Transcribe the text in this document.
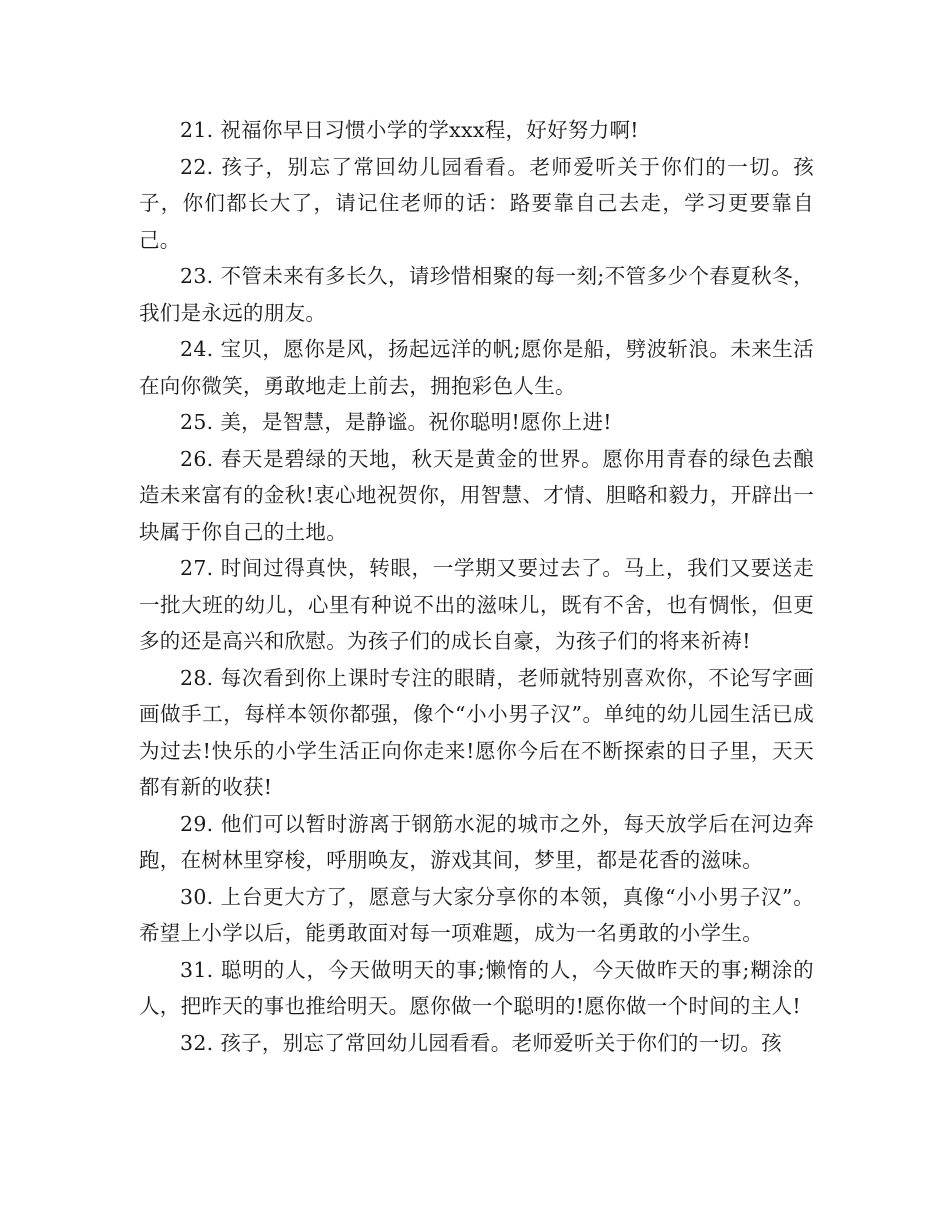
21. 祝福你早日习惯小学的学xxx程，好好努力啊!

22. 孩子，别忘了常回幼儿园看看。老师爱听关于你们的一切。孩子，你们都长大了，请记住老师的话：路要靠自己去走，学习更要靠自己。

23. 不管未来有多长久，请珍惜相聚的每一刻;不管多少个春夏秋冬，我们是永远的朋友。

24. 宝贝，愿你是风，扬起远洋的帆;愿你是船，劈波斩浪。未来生活在向你微笑，勇敢地走上前去，拥抱彩色人生。

25. 美，是智慧，是静谧。祝你聪明!愿你上进!

26. 春天是碧绿的天地，秋天是黄金的世界。愿你用青春的绿色去酿造未来富有的金秋!衷心地祝贺你，用智慧、才情、胆略和毅力，开辟出一块属于你自己的土地。

27. 时间过得真快，转眼，一学期又要过去了。马上，我们又要送走一批大班的幼儿，心里有种说不出的滋味儿，既有不舍，也有惆怅，但更多的还是高兴和欣慰。为孩子们的成长自豪，为孩子们的将来祈祷!

28. 每次看到你上课时专注的眼睛，老师就特别喜欢你，不论写字画画做手工，每样本领你都强，像个“小小男子汉”。单纯的幼儿园生活已成为过去!快乐的小学生活正向你走来!愿你今后在不断探索的日子里，天天都有新的收获!

29. 他们可以暂时游离于钢筋水泥的城市之外，每天放学后在河边奔跑，在树林里穿梭，呼朋唤友，游戏其间，梦里，都是花香的滋味。

30. 上台更大方了，愿意与大家分享你的本领，真像“小小男子汉”。希望上小学以后，能勇敢面对每一项难题，成为一名勇敢的小学生。

31. 聪明的人，今天做明天的事;懒惰的人，今天做昨天的事;糊涂的人，把昨天的事也推给明天。愿你做一个聪明的!愿你做一个时间的主人!

32. 孩子，别忘了常回幼儿园看看。老师爱听关于你们的一切。孩
